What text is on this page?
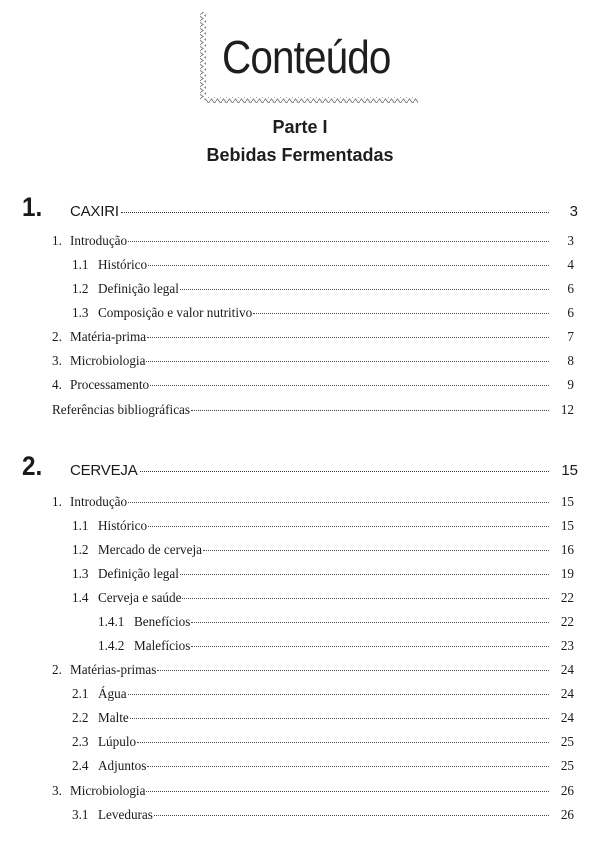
Conteúdo
Parte I
Bebidas Fermentadas
1.	CAXIRI	3
1. Introdução	3
1.1 Histórico	4
1.2 Definição legal	6
1.3 Composição e valor nutritivo	6
2. Matéria-prima	7
3. Microbiologia	8
4. Processamento	9
Referências bibliográficas	12
2.	CERVEJA	15
1. Introdução	15
1.1 Histórico	15
1.2 Mercado de cerveja	16
1.3 Definição legal	19
1.4 Cerveja e saúde	22
1.4.1 Benefícios	22
1.4.2 Malefícios	23
2. Matérias-primas	24
2.1 Água	24
2.2 Malte	24
2.3 Lúpulo	25
2.4 Adjuntos	25
3. Microbiologia	26
3.1 Leveduras	26
